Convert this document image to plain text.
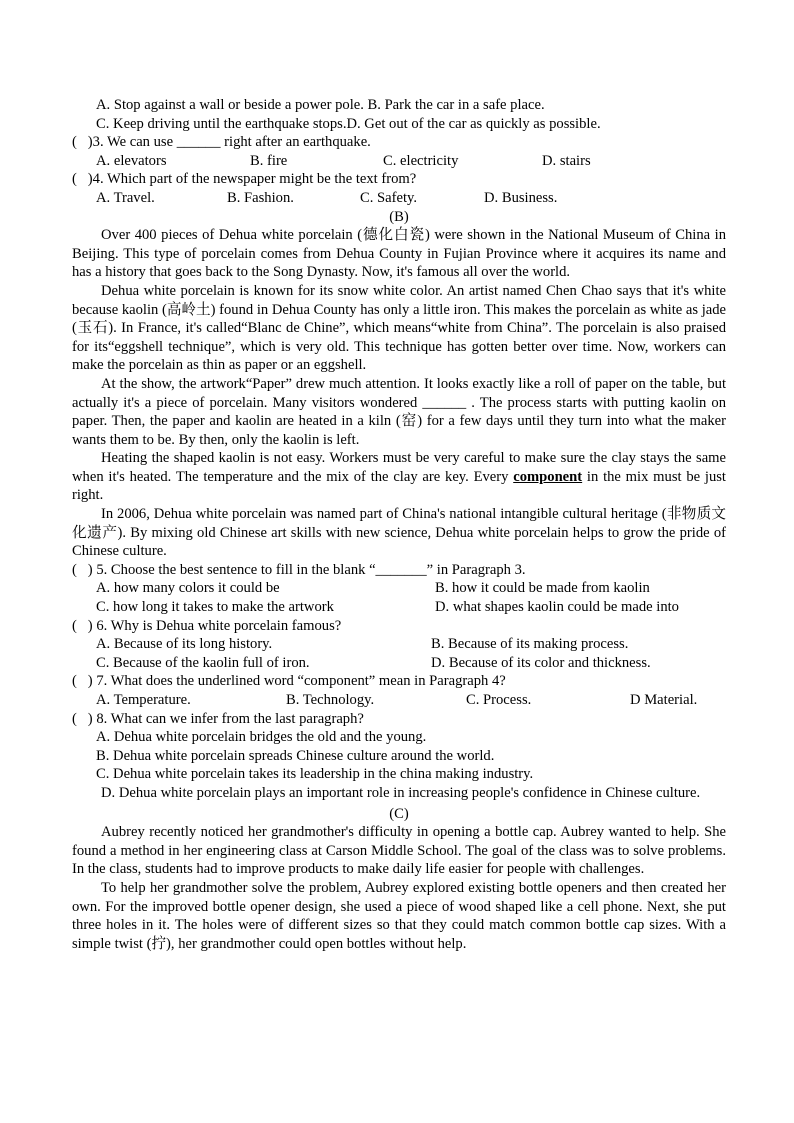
A. Stop against a wall or beside a power pole. B. Park the car in a safe place.
C. Keep driving until the earthquake stops.D. Get out of the car as quickly as possible.
(   )3. We can use ______ right after an earthquake.
A. elevators	B. fire	C. electricity	D. stairs
(   )4. Which part of the newspaper might be the text from?
A. Travel.	B. Fashion.	C. Safety.	D. Business.
(B)

Over 400 pieces of Dehua white porcelain (德化白瓷) were shown in the National Museum of China in Beijing. This type of porcelain comes from Dehua County in Fujian Province where it acquires its name and has a history that goes back to the Song Dynasty. Now, it's famous all over the world.

Dehua white porcelain is known for its snow white color. An artist named Chen Chao says that it's white because kaolin (高岭土) found in Dehua County has only a little iron. This makes the porcelain as white as jade (玉石). In France, it's called“Blanc de Chine”, which means“white from China”. The porcelain is also praised for its“eggshell technique”, which is very old. This technique has gotten better over time. Now, workers can make the porcelain as thin as paper or an eggshell.

At the show, the artwork“Paper” drew much attention. It looks exactly like a roll of paper on the table, but actually it's a piece of porcelain. Many visitors wondered ______ . The process starts with putting kaolin on paper. Then, the paper and kaolin are heated in a kiln (窑) for a few days until they turn into what the maker wants them to be. By then, only the kaolin is left.

Heating the shaped kaolin is not easy. Workers must be very careful to make sure the clay stays the same when it's heated. The temperature and the mix of the clay are key. Every component in the mix must be just right.

In 2006, Dehua white porcelain was named part of China's national intangible cultural heritage (非物质文化遗产). By mixing old Chinese art skills with new science, Dehua white porcelain helps to grow the pride of Chinese culture.

(   ) 5. Choose the best sentence to fill in the blank “_______” in Paragraph 3.
A. how many colors it could be	B. how it could be made from kaolin
C. how long it takes to make the artwork	D. what shapes kaolin could be made into
(   ) 6. Why is Dehua white porcelain famous?
A. Because of its long history.	B. Because of its making process.
C. Because of the kaolin full of iron.	D. Because of its color and thickness.
(   ) 7. What does the underlined word “component” mean in Paragraph 4?
A. Temperature.	B. Technology.	C. Process.	D Material.
(   ) 8. What can we infer from the last paragraph?
A. Dehua white porcelain bridges the old and the young.
B. Dehua white porcelain spreads Chinese culture around the world.
C. Dehua white porcelain takes its leadership in the china making industry.

D. Dehua white porcelain plays an important role in increasing people's confidence in Chinese culture.

(C)

Aubrey recently noticed her grandmother's difficulty in opening a bottle cap. Aubrey wanted to help. She found a method in her engineering class at Carson Middle School. The goal of the class was to solve problems. In the class, students had to improve products to make daily life easier for people with challenges.

To help her grandmother solve the problem, Aubrey explored existing bottle openers and then created her own. For the improved bottle opener design, she used a piece of wood shaped like a cell phone. Next, she put three holes in it. The holes were of different sizes so that they could match common bottle cap sizes. With a simple twist (拧), her grandmother could open bottles without help.
